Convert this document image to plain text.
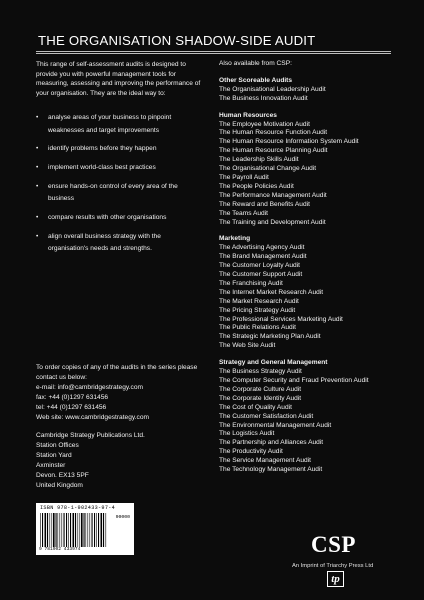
THE ORGANISATION SHADOW-SIDE AUDIT

This range of self-assessment audits is designed to provide you with powerful management tools for measuring, assessing and improving the performance of your organisation. They are the ideal way to:

• analyse areas of your business to pinpoint weaknesses and target improvements
• identify problems before they happen
• implement world-class best practices
• ensure hands-on control of every area of the business
• compare results with other organisations
• align overall business strategy with the organisation's needs and strengths.
To order copies of any of the audits in the series please contact us below:
e-mail: info@cambridgestrategy.com
fax: +44 (0)1297 631456
tel: +44 (0)1297 631456
Web site: www.cambridgestrategy.com
Cambridge Strategy Publications Ltd.
Station Offices
Station Yard
Axminster
Devon. EX13 5PF
United Kingdom
Also available from CSP:
Other Scoreable Audits
The Organisational Leadership Audit
The Business Innovation Audit
Human Resources
The Employee Motivation Audit
The Human Resource Function Audit
The Human Resource Information System Audit
The Human Resource Planning Audit
The Leadership Skills Audit
The Organisational Change Audit
The Payroll Audit
The People Policies Audit
The Performance Management Audit
The Reward and Benefits Audit
The Teams Audit
The Training and Development Audit
Marketing
The Advertising Agency Audit
The Brand Management Audit
The Customer Loyalty Audit
The Customer Support Audit
The Franchising Audit
The Internet Market Research Audit
The Market Research Audit
The Pricing Strategy Audit
The Professional Services Marketing Audit
The Public Relations Audit
The Strategic Marketing Plan Audit
The Web Site Audit
Strategy and General Management
The Business Strategy Audit
The Computer Security and Fraud Prevention Audit
The Corporate Culture Audit
The Corporate Identity Audit
The Cost of Quality Audit
The Customer Satisfaction Audit
The Environmental Management Audit
The Logistics Audit
The Partnership and Alliances Audit
The Productivity Audit
The Service Management Audit
The Technology Management Audit
ISBN 978-1-902433-97-4
90000
9 781902 433974	CSP
An Imprint of Triarchy Press Ltd
tp
